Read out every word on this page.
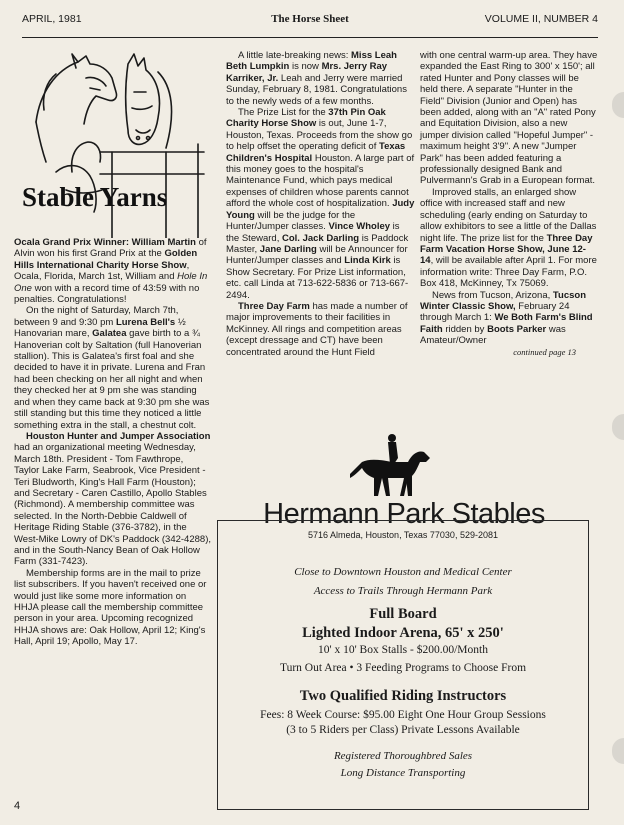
APRIL, 1981	The Horse Sheet	VOLUME II, NUMBER 4
Stable Yarns

Ocala Grand Prix Winner: William Martin of Alvin won his first Grand Prix at the Golden Hills International Charity Horse Show, Ocala, Florida, March 1st, William and Hole In One won with a record time of 43:59 with no penalties. Congratulations!

On the night of Saturday, March 7th, between 9 and 9:30 pm Lurena Bell's ½ Hanovarian mare, Galatea gave birth to a ¾ Hanoverian colt by Saltation (full Hanoverian stallion). This is Galatea's first foal and she decided to have it in private. Lurena and Fran had been checking on her all night and when they checked her at 9 pm she was standing and when they came back at 9:30 pm she was still standing but this time they noticed a little something extra in the stall, a chestnut colt.

Houston Hunter and Jumper Association had an organizational meeting Wednesday, March 18th. President - Tom Fawthrope, Taylor Lake Farm, Seabrook, Vice President - Teri Bludworth, King's Hall Farm (Houston); and Secretary - Caren Castillo, Apollo Stables (Richmond). A membership committee was selected. In the North-Debbie Caldwell of Heritage Riding Stable (376-3782), in the West-Mike Lowry of DK's Paddock (342-4288), and in the South-Nancy Bean of Oak Hollow Farm (331-7423).

Membership forms are in the mail to prize list subscribers. If you haven't received one or would just like some more information on HHJA please call the membership committee person in your area. Upcoming recognized HHJA shows are: Oak Hollow, April 12; King's Hall, April 19; Apollo, May 17.

A little late-breaking news: Miss Leah Beth Lumpkin is now Mrs. Jerry Ray Karriker, Jr. Leah and Jerry were married Sunday, February 8, 1981. Congratulations to the newly weds of a few months.

The Prize List for the 37th Pin Oak Charity Horse Show is out, June 1-7, Houston, Texas. Proceeds from the show go to help offset the operating deficit of Texas Children's Hospital Houston. A large part of this money goes to the hospital's Maintenance Fund, which pays medical expenses of children whose parents cannot afford the whole cost of hospitalization. Judy Young will be the judge for the Hunter/Jumper classes. Vince Wholey is the Steward, Col. Jack Darling is Paddock Master, Jane Darling will be Announcer for Hunter/Jumper classes and Linda Kirk is Show Secretary. For Prize List information, etc. call Linda at 713-622-5836 or 713-667-2494.

Three Day Farm has made a number of major improvements to their facilities in McKinney. All rings and competition areas (except dressage and CT) have been concentrated around the Hunt Field

with one central warm-up area. They have expanded the East Ring to 300' x 150'; all rated Hunter and Pony classes will be held there. A separate "Hunter in the Field" Division (Junior and Open) has been added, along with an "A" rated Pony and Equitation Division, also a new jumper division called "Hopeful Jumper" - maximum height 3'9". A new "Jumper Park" has been added featuring a professionally designed Bank and Pulvermann's Grab in a European format.

Improved stalls, an enlarged show office with increased staff and new scheduling (early ending on Saturday to allow exhibitors to see a little of the Dallas night life. The prize list for the Three Day Farm Vacation Horse Show, June 12-14, will be available after April 1. For more information write: Three Day Farm, P.O. Box 418, McKinney, Tx 75069.

News from Tucson, Arizona, Tucson Winter Classic Show, February 24 through March 1: We Both Farm's Blind Faith ridden by Boots Parker was Amateur/Owner

continued page 13

Hermann Park Stables
5716 Almeda, Houston, Texas 77030, 529-2081
Close to Downtown Houston and Medical Center
Access to Trails Through Hermann Park
Full Board
Lighted Indoor Arena, 65' x 250'
10' x 10' Box Stalls - $200.00/Month
Turn Out Area • 3 Feeding Programs to Choose From
Two Qualified Riding Instructors
Fees: 8 Week Course: $95.00 Eight One Hour Group Sessions
(3 to 5 Riders per Class) Private Lessons Available
Registered Thoroughbred Sales
Long Distance Transporting
4
